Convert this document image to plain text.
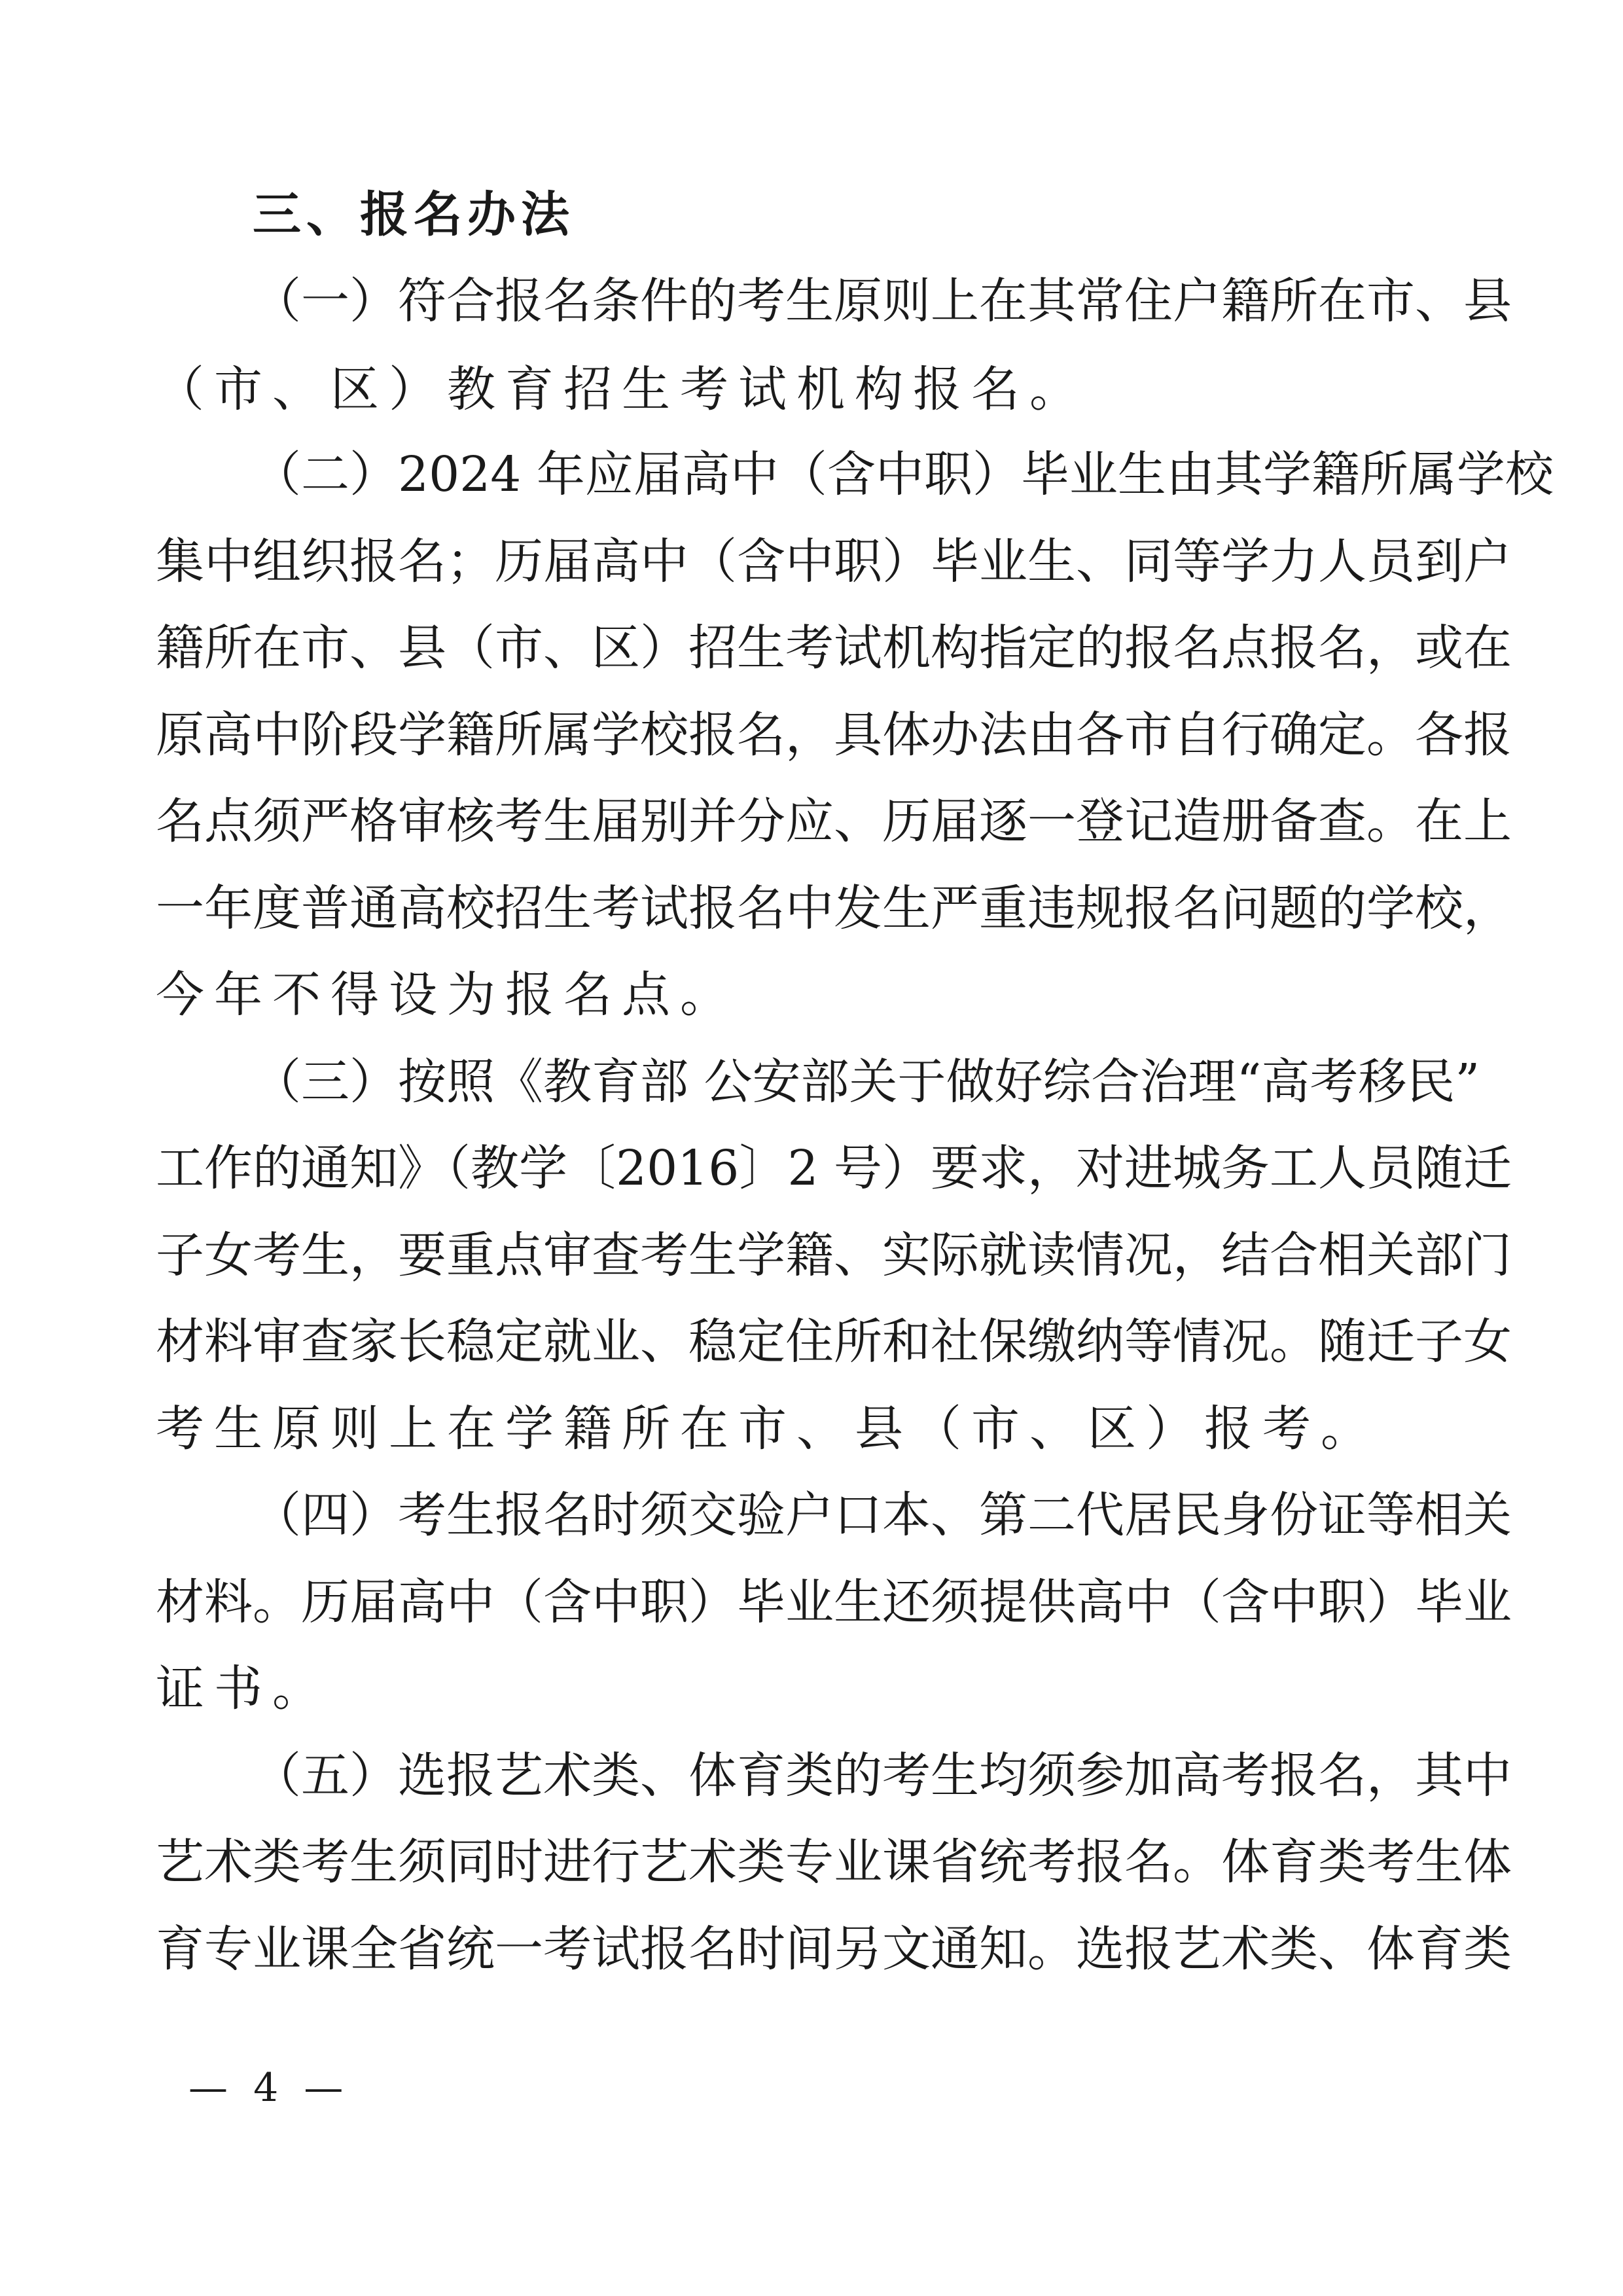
三、报名办法
（一）符合报名条件的考生原则上在其常住户籍所在市、县
（市、区）教育招生考试机构报名。
（二）2024 年应届高中（含中职）毕业生由其学籍所属学校
集中组织报名；历届高中（含中职）毕业生、同等学力人员到户
籍所在市、县（市、区）招生考试机构指定的报名点报名，或在
原高中阶段学籍所属学校报名，具体办法由各市自行确定。各报
名点须严格审核考生届别并分应、历届逐一登记造册备查。在上
一年度普通高校招生考试报名中发生严重违规报名问题的学校，
今年不得设为报名点。
（三）按照《教育部 公安部关于做好综合治理“高考移民”
工作的通知》（教学〔2016〕2 号）要求，对进城务工人员随迁
子女考生，要重点审查考生学籍、实际就读情况，结合相关部门
材料审查家长稳定就业、稳定住所和社保缴纳等情况。随迁子女
考生原则上在学籍所在市、县（市、区）报考。
（四）考生报名时须交验户口本、第二代居民身份证等相关
材料。历届高中（含中职）毕业生还须提供高中（含中职）毕业
证书。
（五）选报艺术类、体育类的考生均须参加高考报名，其中
艺术类考生须同时进行艺术类专业课省统考报名。体育类考生体
育专业课全省统一考试报名时间另文通知。选报艺术类、体育类
— 4 —
